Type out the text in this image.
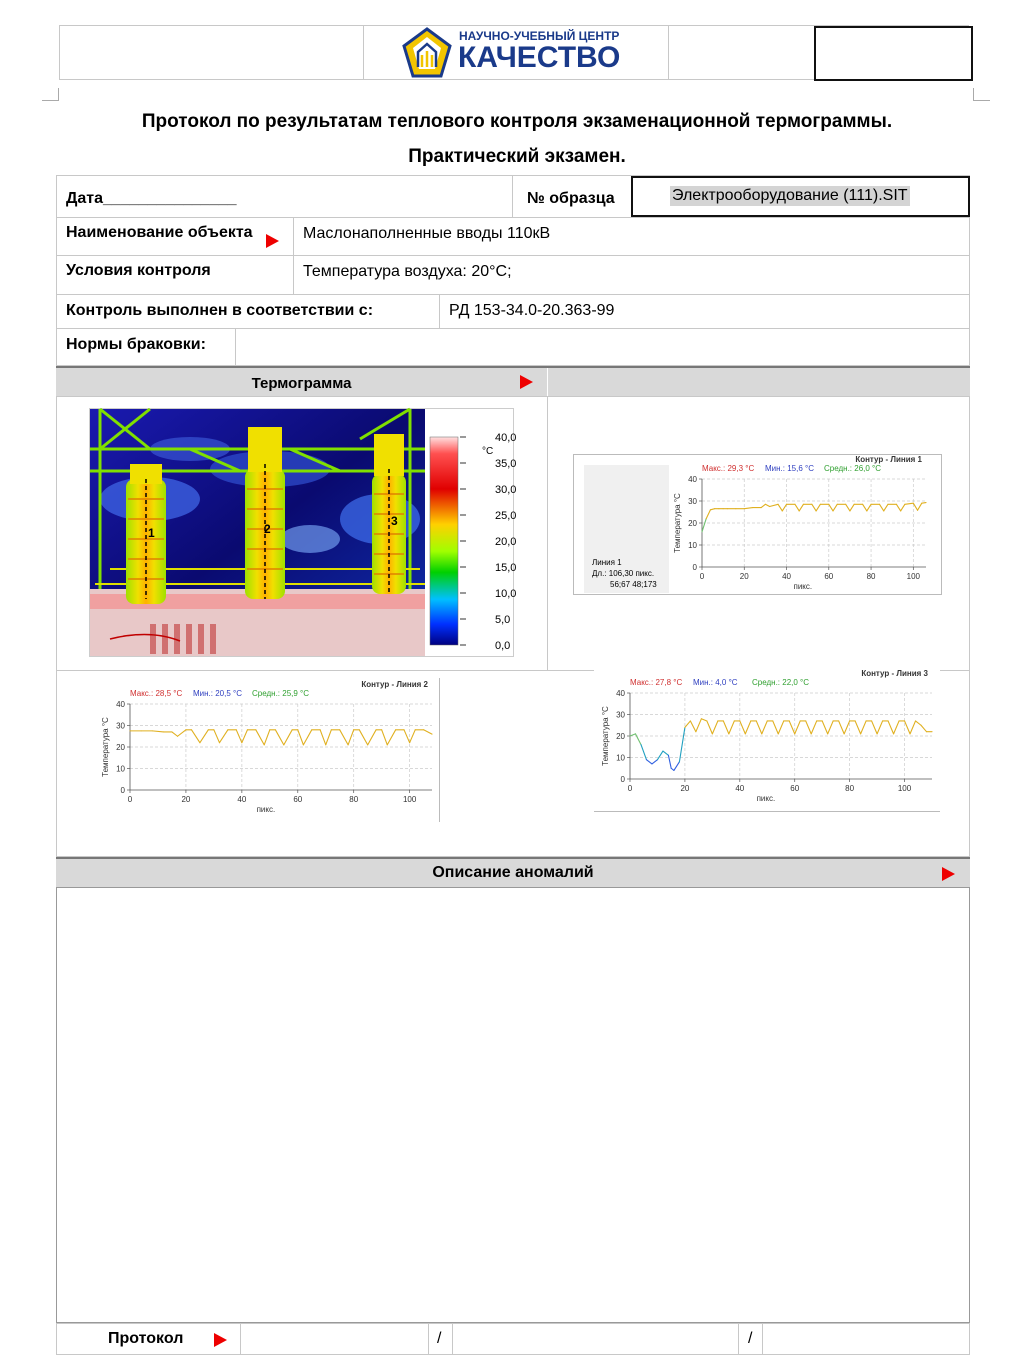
НАУЧНО-УЧЕБНЫЙ ЦЕНТР
КАЧЕСТВО
Протокол по результатам теплового контроля экзаменационной термограммы.
Практический экзамен.
Дата_______________	№ образца	Электрооборудование (111).SIT
Наименование объекта	Маслонаполненные вводы 110кВ
Условия контроля	Температура воздуха: 20°С;
Контроль выполнен в соответствии с:	РД 153-34.0-20.363-99
Нормы браковки:
Термограмма
1	2
3
40,0
°C
35,0
30,0
25,0
20,0
15,0
10,0
5,0
0,0
Линия 1
Дл.: 106,30 пикс.
56;67 48;173
Макс.: 29,3 °C Мин.: 15,6 °C Средн.: 26,0 °C
Контур - Линия 1
0
10
20
30
40
0	20	40	60	80	100
пикс.
Температура °C
Макс.: 28,5 °C Мин.: 20,5 °C Средн.: 25,9 °C
Контур - Линия 2
0
10
20
30
40
0	20	40	60	80	100
пикс.
Температура °C
Макс.: 27,8 °C Мин.: 4,0 °C Средн.: 22,0 °C
Контур - Линия 3
0
10
20
30
40
0	20	40	60	80	100
пикс.
Температура °C
Описание аномалий
Протокол	/	/
